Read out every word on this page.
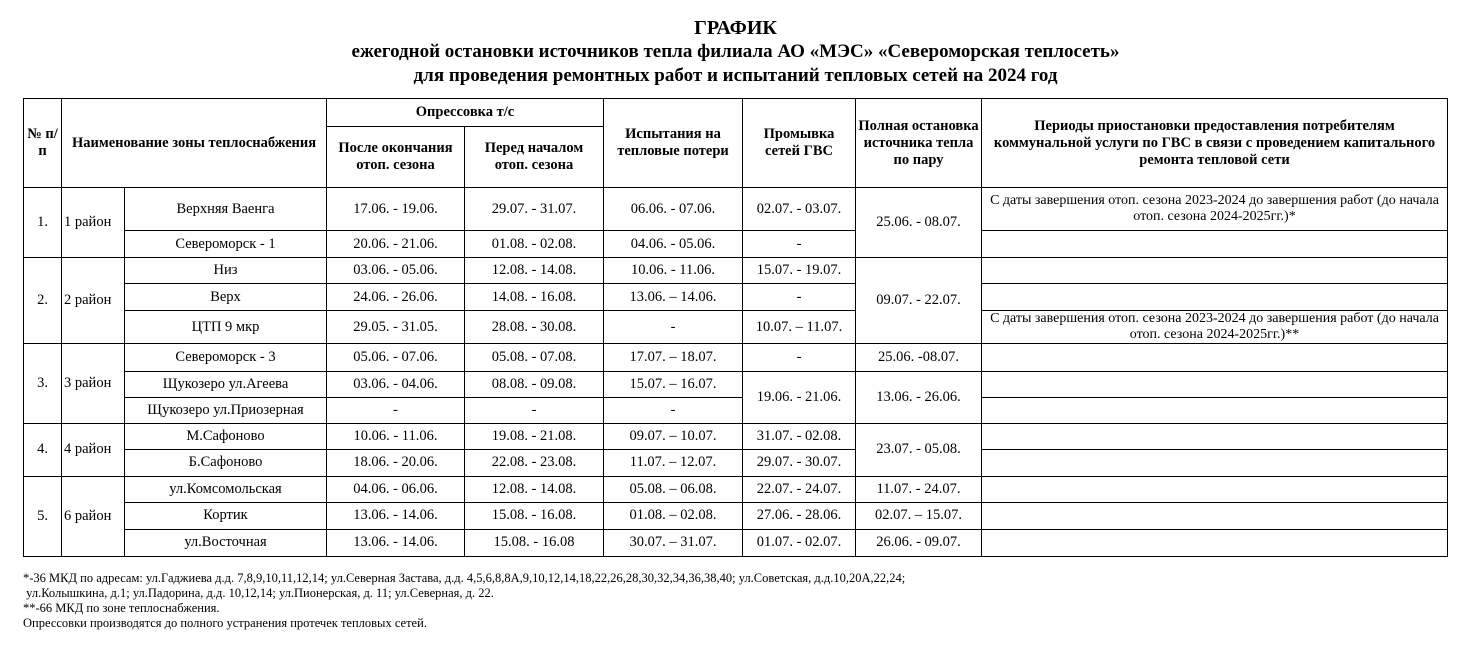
ГРАФИК
ежегодной остановки источников тепла филиала АО «МЭС» «Североморская теплосеть»
для проведения ремонтных работ и испытаний тепловых сетей на 2024 год
№ п/п	Наименование зоны теплоснабжения		Опрессовка т/с		Испытания на тепловые потери	Промывка сетей ГВС	Полная остановка источника тепла по пару	Периоды приостановки предоставления потребителям коммунальной услуги по ГВС в связи с проведением капитального ремонта тепловой сети
			После окончания отоп. сезона	Перед началом отоп. сезона				
1.	1 район	Верхняя Ваенга	17.06. - 19.06.	29.07. - 31.07.	06.06. - 07.06.	02.07. - 03.07.	25.06. - 08.07.	С даты завершения отоп. сезона 2023-2024 до завершения работ (до начала отоп. сезона 2024-2025гг.)*
		Североморск - 1	20.06. - 21.06.	01.08. - 02.08.	04.06. - 05.06.	-		
2.	2 район	Низ	03.06. - 05.06.	12.08. - 14.08.	10.06. - 11.06.	15.07. - 19.07.	09.07. - 22.07.	
		Верх	24.06. - 26.06.	14.08. - 16.08.	13.06. – 14.06.	-		
		ЦТП 9 мкр	29.05. - 31.05.	28.08. - 30.08.	-	10.07. – 11.07.		С даты завершения отоп. сезона 2023-2024 до завершения работ (до начала отоп. сезона 2024-2025гг.)**
3.	3 район	Североморск - 3	05.06. - 07.06.	05.08. - 07.08.	17.07. – 18.07.	-	25.06. -08.07.	
		Щукозеро ул.Агеева	03.06. - 04.06.	08.08. - 09.08.	15.07. – 16.07.	19.06. - 21.06.	13.06. - 26.06.	
		Щукозеро ул.Приозерная	-	-	-			
4.	4 район	М.Сафоново	10.06. - 11.06.	19.08. - 21.08.	09.07. – 10.07.	31.07. - 02.08.	23.07. - 05.08.	
		Б.Сафоново	18.06. - 20.06.	22.08. - 23.08.	11.07. – 12.07.	29.07. - 30.07.		
5.	6 район	ул.Комсомольская	04.06. - 06.06.	12.08. - 14.08.	05.08. – 06.08.	22.07. - 24.07.	11.07. - 24.07.	
		Кортик	13.06. - 14.06.	15.08. - 16.08.	01.08. – 02.08.	27.06. - 28.06.	02.07. – 15.07.	
		ул.Восточная	13.06. - 14.06.	15.08. - 16.08	30.07. – 31.07.	01.07. - 02.07.	26.06. - 09.07.	
*-36 МКД по адресам: ул.Гаджиева д.д. 7,8,9,10,11,12,14; ул.Северная Застава, д.д. 4,5,6,8,8А,9,10,12,14,18,22,26,28,30,32,34,36,38,40; ул.Советская, д.д.10,20А,22,24;
ул.Колышкина, д.1; ул.Падорина, д.д. 10,12,14; ул.Пионерская, д. 11; ул.Северная, д. 22.
**-66 МКД по зоне теплоснабжения.
Опрессовки производятся до полного устранения протечек тепловых сетей.
